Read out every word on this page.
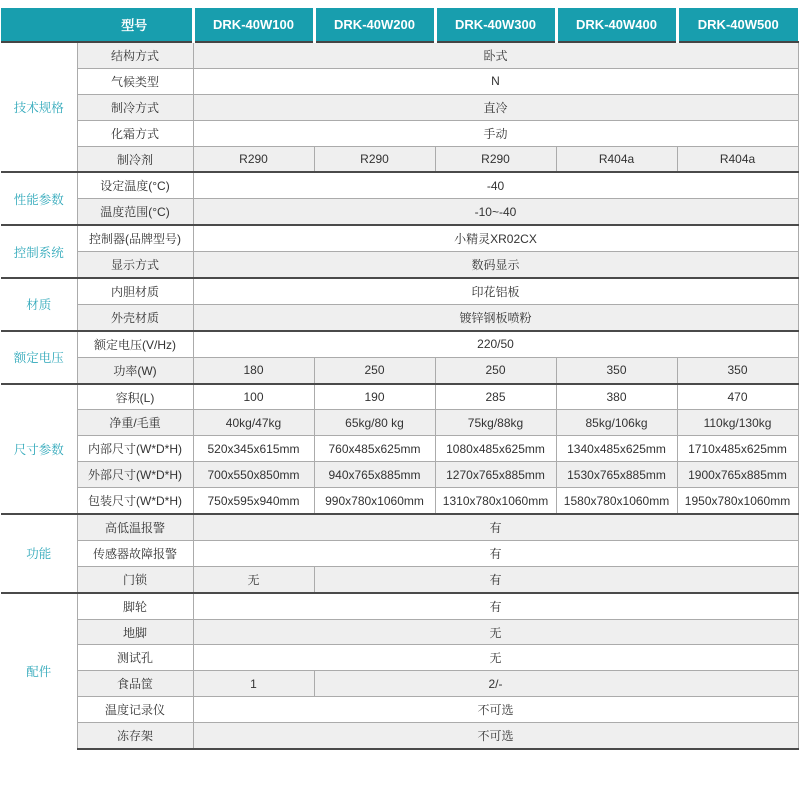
	型号	DRK-40W100	DRK-40W200	DRK-40W300	DRK-40W400	DRK-40W500
技术规格	结构方式	卧式				
	气候类型	N				
	制冷方式	直冷				
	化霜方式	手动				
	制冷剂	R290	R290	R290	R404a	R404a
性能参数	设定温度(°C)	-40				
	温度范围(°C)	-10~-40				
控制系统	控制器(品牌型号)	小精灵XR02CX				
	显示方式	数码显示				
材质	内胆材质	印花铝板				
	外壳材质	镀锌钢板喷粉				
额定电压	额定电压(V/Hz)	220/50				
	功率(W)	180	250	250	350	350
尺寸参数	容积(L)	100	190	285	380	470
	净重/毛重	40kg/47kg	65kg/80 kg	75kg/88kg	85kg/106kg	110kg/130kg
	内部尺寸(W*D*H)	520x345x615mm	760x485x625mm	1080x485x625mm	1340x485x625mm	1710x485x625mm
	外部尺寸(W*D*H)	700x550x850mm	940x765x885mm	1270x765x885mm	1530x765x885mm	1900x765x885mm
	包装尺寸(W*D*H)	750x595x940mm	990x780x1060mm	1310x780x1060mm	1580x780x1060mm	1950x780x1060mm
功能	高低温报警	有				
	传感器故障报警	有				
	门锁	无	有			
配件	脚轮	有				
	地脚	无				
	测试孔	无				
	食品筐	1	2/-			
	温度记录仪	不可选				
	冻存架	不可选				
